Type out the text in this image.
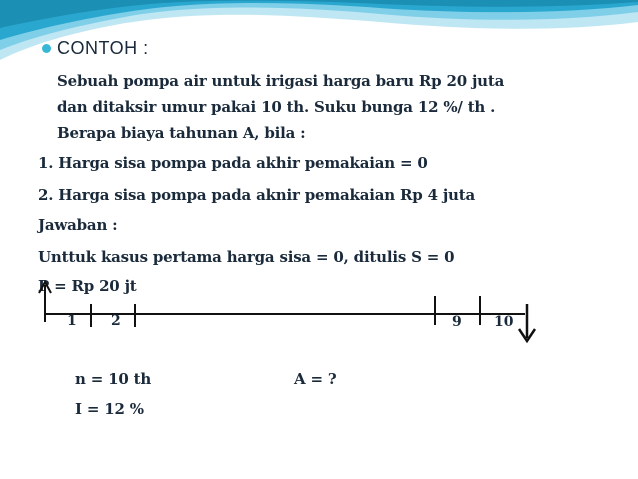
CONTOH :

Sebuah pompa air untuk irigasi harga baru Rp 20 juta

dan ditaksir umur pakai 10 th. Suku bunga 12 %/ th .

Berapa biaya tahunan A, bila :

1. Harga sisa pompa pada akhir pemakaian = 0

2. Harga sisa pompa pada aknir pemakaian Rp 4 juta

Jawaban :

Unttuk kasus pertama harga sisa = 0, ditulis S = 0

P = Rp 20 jt

1 2	9 10

n = 10 th	A = ?

I = 12 %
